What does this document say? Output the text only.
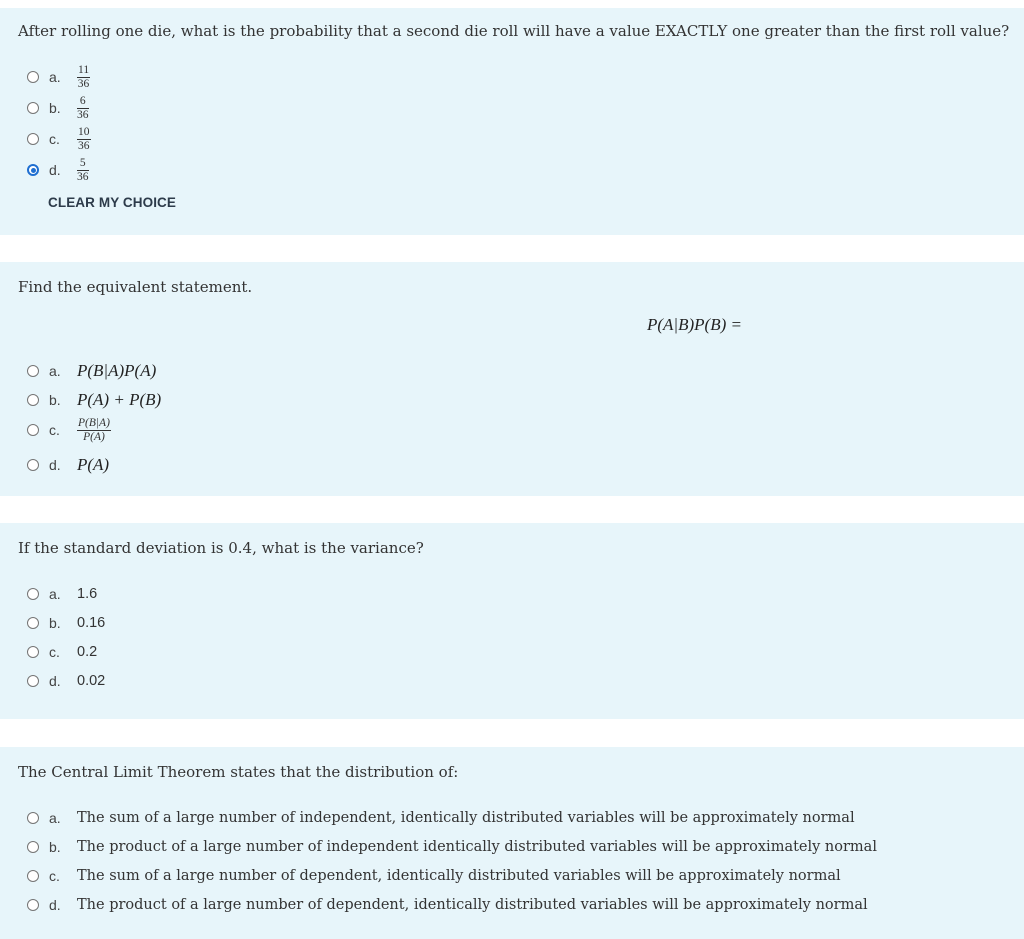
After rolling one die, what is the probability that a second die roll will have a value EXACTLY one greater than the first roll value?
a.	$\frac{11}{36}$
b.	$\frac{6}{36}$
c.	$\frac{10}{36}$
d.	$\frac{5}{36}$
CLEAR MY CHOICE
Find the equivalent statement.
P(A|B)P(B) =
a. P(B|A)P(A)
b. P(A) + P(B)
c.	$\frac{P(B|A)}{P(A)}$
d. P(A)
If the standard deviation is 0.4, what is the variance?
a.	1.6
b.	0.16
c.	0.2
d.	0.02
The Central Limit Theorem states that the distribution of:
a.	The sum of a large number of independent, identically distributed variables will be approximately normal
b.	The product of a large number of independent identically distributed variables will be approximately normal
c.	The sum of a large number of dependent, identically distributed variables will be approximately normal
d.	The product of a large number of dependent, identically distributed variables will be approximately normal
